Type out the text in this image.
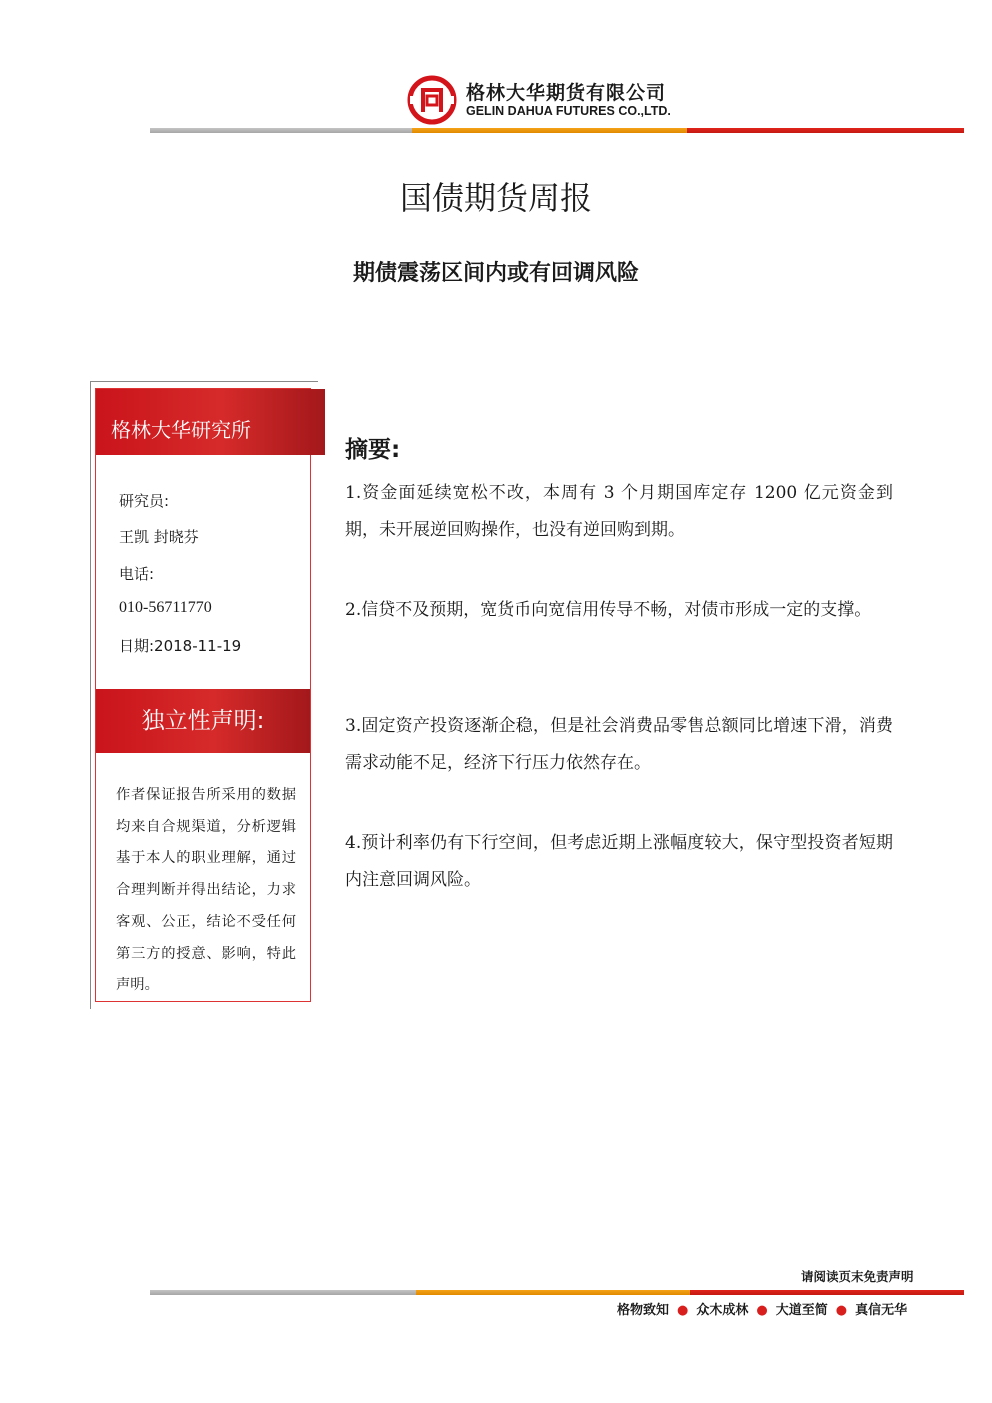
格林大华期货有限公司
GELIN DAHUA FUTURES CO.,LTD.
国债期货周报
期债震荡区间内或有回调风险
格林大华研究所
研究员:
王凯 封晓芬
电话:
010-56711770
日期:2018-11-19
独立性声明:
作者保证报告所采用的数据均来自合规渠道，分析逻辑基于本人的职业理解，通过合理判断并得出结论，力求客观、公正，结论不受任何第三方的授意、影响，特此声明。
摘要:
1.资金面延续宽松不改，本周有 3 个月期国库定存 1200 亿元资金到期，未开展逆回购操作，也没有逆回购到期。
2.信贷不及预期，宽货币向宽信用传导不畅，对债市形成一定的支撑。
3.固定资产投资逐渐企稳，但是社会消费品零售总额同比增速下滑，消费需求动能不足，经济下行压力依然存在。
4.预计利率仍有下行空间，但考虑近期上涨幅度较大，保守型投资者短期内注意回调风险。
请阅读页末免责声明
格物致知 ● 众木成林 ● 大道至简 ● 真信无华
